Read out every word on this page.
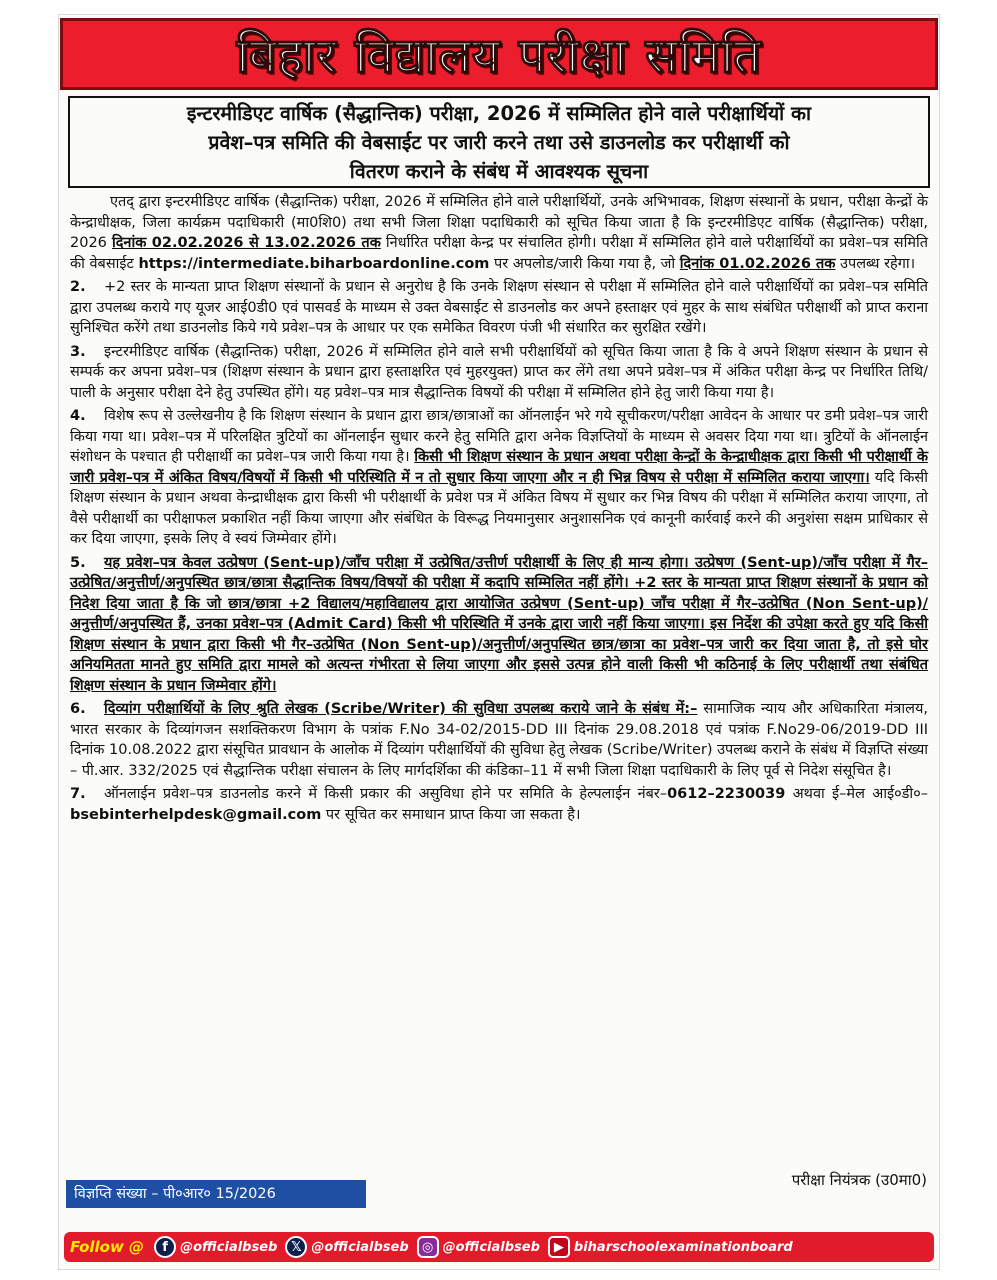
बिहार विद्यालय परीक्षा समिति
इन्टरमीडिएट वार्षिक (सैद्धान्तिक) परीक्षा, 2026 में सम्मिलित होने वाले परीक्षार्थियों का
प्रवेश–पत्र समिति की वेबसाईट पर जारी करने तथा उसे डाउनलोड कर परीक्षार्थी को
वितरण कराने के संबंध में आवश्यक सूचना

एतद् द्वारा इन्टरमीडिएट वार्षिक (सैद्धान्तिक) परीक्षा, 2026 में सम्मिलित होने वाले परीक्षार्थियों, उनके अभिभावक, शिक्षण संस्थानों के प्रधान, परीक्षा केन्द्रों के केन्द्राधीक्षक, जिला कार्यक्रम पदाधिकारी (मा0शि0) तथा सभी जिला शिक्षा पदाधिकारी को सूचित किया जाता है कि इन्टरमीडिएट वार्षिक (सैद्धान्तिक) परीक्षा, 2026 दिनांक 02.02.2026 से 13.02.2026 तक निर्धारित परीक्षा केन्द्र पर संचालित होगी। परीक्षा में सम्मिलित होने वाले परीक्षार्थियों का प्रवेश–पत्र समिति की वेबसाईट https://intermediate.biharboardonline.com पर अपलोड/जारी किया गया है, जो दिनांक 01.02.2026 तक उपलब्ध रहेगा।

2. +2 स्तर के मान्यता प्राप्त शिक्षण संस्थानों के प्रधान से अनुरोध है कि उनके शिक्षण संस्थान से परीक्षा में सम्मिलित होने वाले परीक्षार्थियों का प्रवेश–पत्र समिति द्वारा उपलब्ध कराये गए यूजर आई0डी0 एवं पासवर्ड के माध्यम से उक्त वेबसाईट से डाउनलोड कर अपने हस्ताक्षर एवं मुहर के साथ संबंधित परीक्षार्थी को प्राप्त कराना सुनिश्चित करेंगे तथा डाउनलोड किये गये प्रवेश–पत्र के आधार पर एक समेकित विवरण पंजी भी संधारित कर सुरक्षित रखेंगे।

3. इन्टरमीडिएट वार्षिक (सैद्धान्तिक) परीक्षा, 2026 में सम्मिलित होने वाले सभी परीक्षार्थियों को सूचित किया जाता है कि वे अपने शिक्षण संस्थान के प्रधान से सम्पर्क कर अपना प्रवेश–पत्र (शिक्षण संस्थान के प्रधान द्वारा हस्ताक्षरित एवं मुहरयुक्त) प्राप्त कर लेंगे तथा अपने प्रवेश–पत्र में अंकित परीक्षा केन्द्र पर निर्धारित तिथि/पाली के अनुसार परीक्षा देने हेतु उपस्थित होंगे। यह प्रवेश–पत्र मात्र सैद्धान्तिक विषयों की परीक्षा में सम्मिलित होने हेतु जारी किया गया है।

4. विशेष रूप से उल्लेखनीय है कि शिक्षण संस्थान के प्रधान द्वारा छात्र/छात्राओं का ऑनलाईन भरे गये सूचीकरण/परीक्षा आवेदन के आधार पर डमी प्रवेश–पत्र जारी किया गया था। प्रवेश–पत्र में परिलक्षित त्रुटियों का ऑनलाईन सुधार करने हेतु समिति द्वारा अनेक विज्ञप्तियों के माध्यम से अवसर दिया गया था। त्रुटियों के ऑनलाईन संशोधन के पश्चात ही परीक्षार्थी का प्रवेश–पत्र जारी किया गया है। किसी भी शिक्षण संस्थान के प्रधान अथवा परीक्षा केन्द्रों के केन्द्राधीक्षक द्वारा किसी भी परीक्षार्थी के जारी प्रवेश–पत्र में अंकित विषय/विषयों में किसी भी परिस्थिति में न तो सुधार किया जाएगा और न ही भिन्न विषय से परीक्षा में सम्मिलित कराया जाएगा। यदि किसी शिक्षण संस्थान के प्रधान अथवा केन्द्राधीक्षक द्वारा किसी भी परीक्षार्थी के प्रवेश पत्र में अंकित विषय में सुधार कर भिन्न विषय की परीक्षा में सम्मिलित कराया जाएगा, तो वैसे परीक्षार्थी का परीक्षाफल प्रकाशित नहीं किया जाएगा और संबंधित के विरूद्ध नियमानुसार अनुशासनिक एवं कानूनी कार्रवाई करने की अनुशंसा सक्षम प्राधिकार से कर दिया जाएगा, इसके लिए वे स्वयं जिम्मेवार होंगे।

5. यह प्रवेश–पत्र केवल उत्प्रेषण (Sent-up)/जाँच परीक्षा में उत्प्रेषित/उत्तीर्ण परीक्षार्थी के लिए ही मान्य होगा। उत्प्रेषण (Sent-up)/जाँच परीक्षा में गैर–उत्प्रेषित/अनुत्तीर्ण/अनुपस्थित छात्र/छात्रा सैद्धान्तिक विषय/विषयों की परीक्षा में कदापि सम्मिलित नहीं होंगे। +2 स्तर के मान्यता प्राप्त शिक्षण संस्थानों के प्रधान को निदेश दिया जाता है कि जो छात्र/छात्रा +2 विद्यालय/महाविद्यालय द्वारा आयोजित उत्प्रेषण (Sent-up) जाँच परीक्षा में गैर–उत्प्रेषित (Non Sent-up)/अनुत्तीर्ण/अनुपस्थित हैं, उनका प्रवेश–पत्र (Admit Card) किसी भी परिस्थिति में उनके द्वारा जारी नहीं किया जाएगा। इस निर्देश की उपेक्षा करते हुए यदि किसी शिक्षण संस्थान के प्रधान द्वारा किसी भी गैर–उत्प्रेषित (Non Sent-up)/अनुत्तीर्ण/अनुपस्थित छात्र/छात्रा का प्रवेश–पत्र जारी कर दिया जाता है, तो इसे घोर अनियमितता मानते हुए समिति द्वारा मामले को अत्यन्त गंभीरता से लिया जाएगा और इससे उत्पन्न होने वाली किसी भी कठिनाई के लिए परीक्षार्थी तथा संबंधित शिक्षण संस्थान के प्रधान जिम्मेवार होंगे।

6. दिव्यांग परीक्षार्थियों के लिए श्रुति लेखक (Scribe/Writer) की सुविधा उपलब्ध कराये जाने के संबंध में:– सामाजिक न्याय और अधिकारिता मंत्रालय, भारत सरकार के दिव्यांगजन सशक्तिकरण विभाग के पत्रांक F.No 34-02/2015-DD III दिनांक 29.08.2018 एवं पत्रांक F.No29-06/2019-DD III दिनांक 10.08.2022 द्वारा संसूचित प्रावधान के आलोक में दिव्यांग परीक्षार्थियों की सुविधा हेतु लेखक (Scribe/Writer) उपलब्ध कराने के संबंध में विज्ञप्ति संख्या – पी.आर. 332/2025 एवं सैद्धान्तिक परीक्षा संचालन के लिए मार्गदर्शिका की कंडिका–11 में सभी जिला शिक्षा पदाधिकारी के लिए पूर्व से निदेश संसूचित है।

7. ऑनलाईन प्रवेश–पत्र डाउनलोड करने में किसी प्रकार की असुविधा होने पर समिति के हेल्पलाईन नंबर–0612–2230039 अथवा ई–मेल आई०डी०–bsebinterhelpdesk@gmail.com पर सूचित कर समाधान प्राप्त किया जा सकता है।

परीक्षा नियंत्रक (उ0मा0)
विज्ञप्ति संख्या – पी०आर० 15/2026
Follow @	f @officialbseb	𝕏 @officialbseb	◎ @officialbseb	▶ biharschoolexaminationboard
